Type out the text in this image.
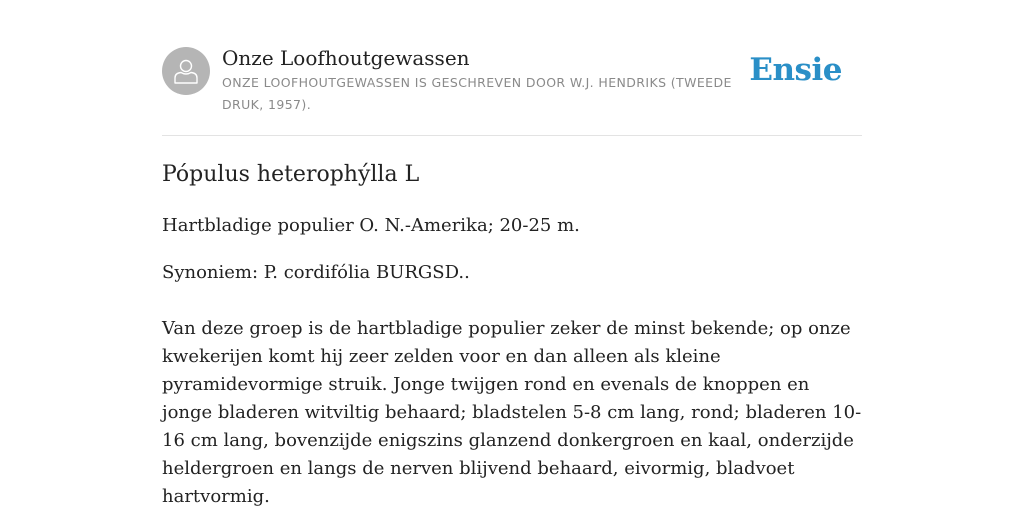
Onze Loofhoutgewassen
ONZE LOOFHOUTGEWASSEN IS GESCHREVEN DOOR W.J. HENDRIKS (TWEEDE DRUK, 1957).
Ensie
Pópulus heterophýlla L
Hartbladige populier O. N.-Amerika; 20-25 m.
Synoniem: P. cordifólia BURGSD..
Van deze groep is de hartbladige populier zeker de minst bekende; op onze kwekerijen komt hij zeer zelden voor en dan alleen als kleine pyramidevormige struik. Jonge twijgen rond en evenals de knoppen en jonge bladeren witviltig behaard; bladstelen 5-8 cm lang, rond; bladeren 10-16 cm lang, bovenzijde enigszins glanzend donkergroen en kaal, onderzijde heldergroen en langs de nerven blijvend behaard, eivormig, bladvoet hartvormig.
